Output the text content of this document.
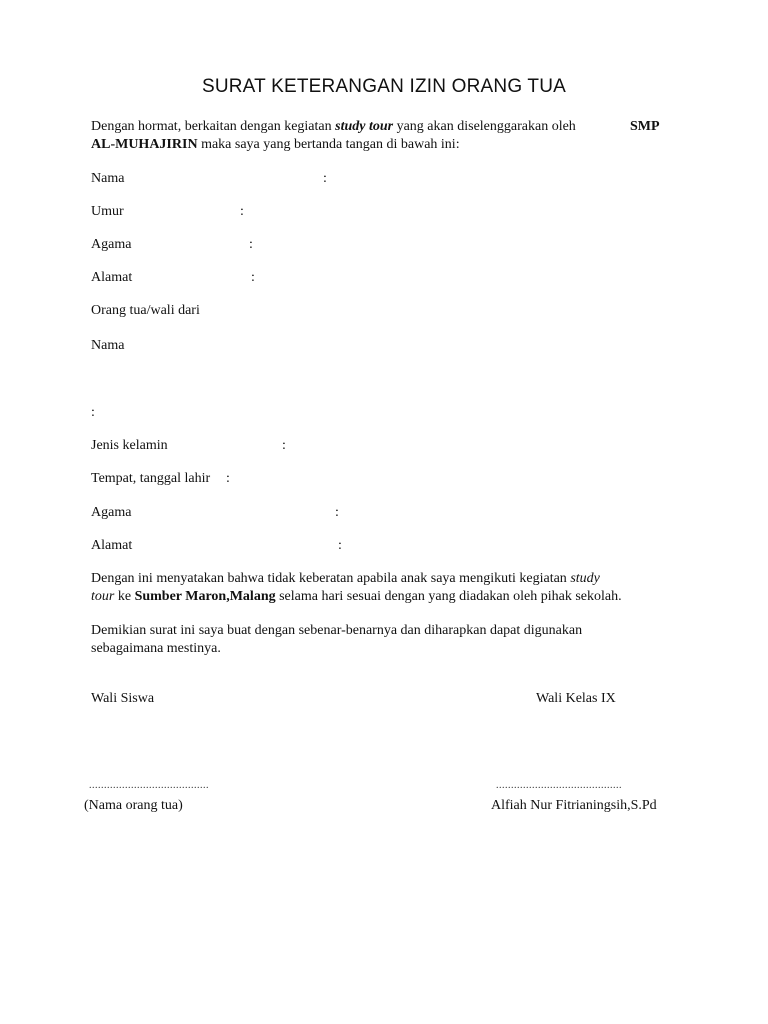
SURAT KETERANGAN IZIN ORANG TUA
Dengan hormat, berkaitan dengan kegiatan study tour yang akan diselenggarakan oleh	SMP
AL-MUHAJIRIN maka saya yang bertanda tangan di bawah ini:
Nama	:
Umur	:
Agama	:
Alamat	:
Orang tua/wali dari
Nama
:
Jenis kelamin	:
Tempat, tanggal lahir :
Agama	:
Alamat	:
Dengan ini menyatakan bahwa tidak keberatan apabila anak saya mengikuti kegiatan study
tour ke Sumber Maron,Malang selama hari sesuai dengan yang diadakan oleh pihak sekolah.
Demikian surat ini saya buat dengan sebenar-benarnya dan diharapkan dapat digunakan
sebagaimana mestinya.
Wali Siswa	Wali Kelas IX
........................................	..........................................
(Nama orang tua)	Alfiah Nur Fitrianingsih,S.Pd
